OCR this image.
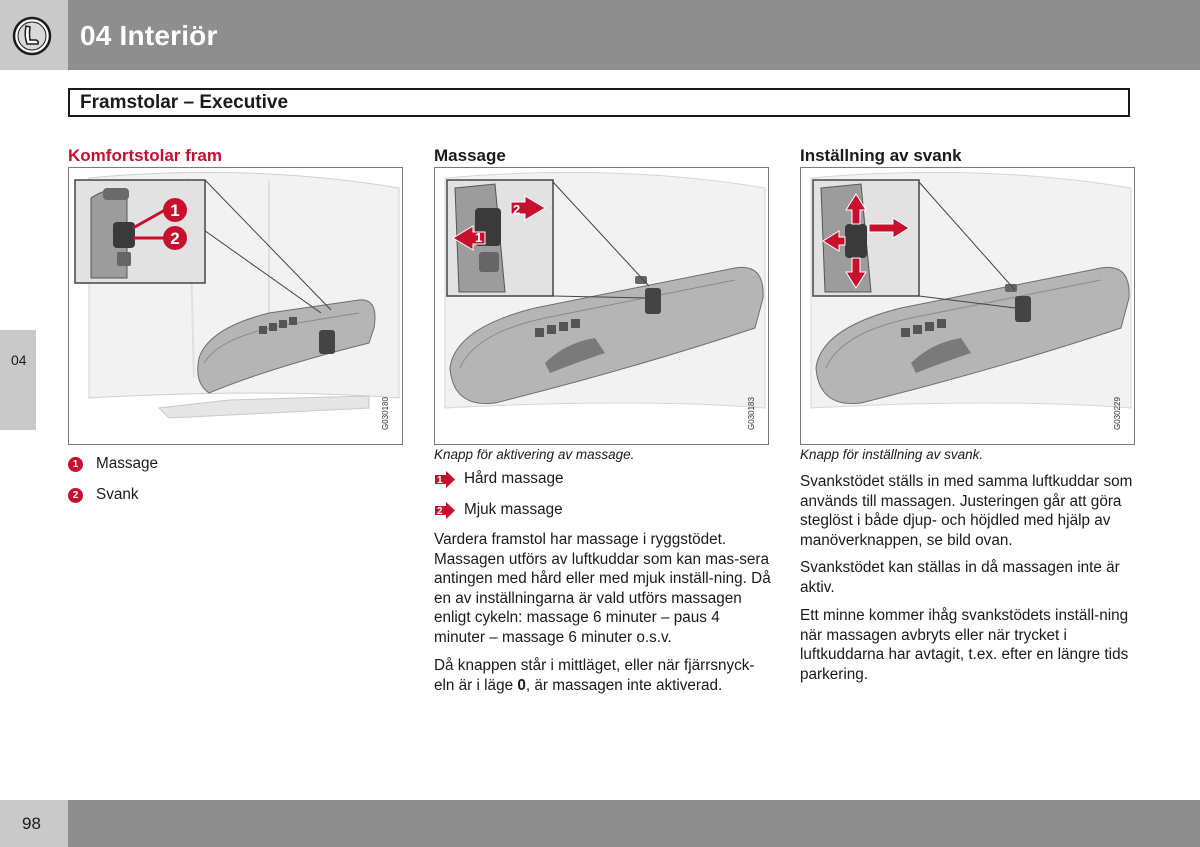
04 Interiör
04
Framstolar – Executive
Komfortstolar fram
1
2
G030180
1	Massage
2	Svank
Massage
1
2
G030183
Knapp för aktivering av massage.
1 Hård massage
2 Mjuk massage
Vardera framstol har massage i ryggstödet. Massagen utförs av luftkuddar som kan mas-sera antingen med hård eller med mjuk inställ-ning. Då en av inställningarna är vald utförs massagen enligt cykeln: massage 6 minuter – paus 4 minuter – massage 6 minuter o.s.v.
Då knappen står i mittläget, eller när fjärrsnyck-eln är i läge 0, är massagen inte aktiverad.
Inställning av svank
G030229
Knapp för inställning av svank.
Svankstödet ställs in med samma luftkuddar som används till massagen. Justeringen går att göra steglöst i både djup- och höjdled med hjälp av manöverknappen, se bild ovan.
Svankstödet kan ställas in då massagen inte är aktiv.
Ett minne kommer ihåg svankstödets inställ-ning när massagen avbryts eller när trycket i luftkuddarna har avtagit, t.ex. efter en längre tids parkering.
98
